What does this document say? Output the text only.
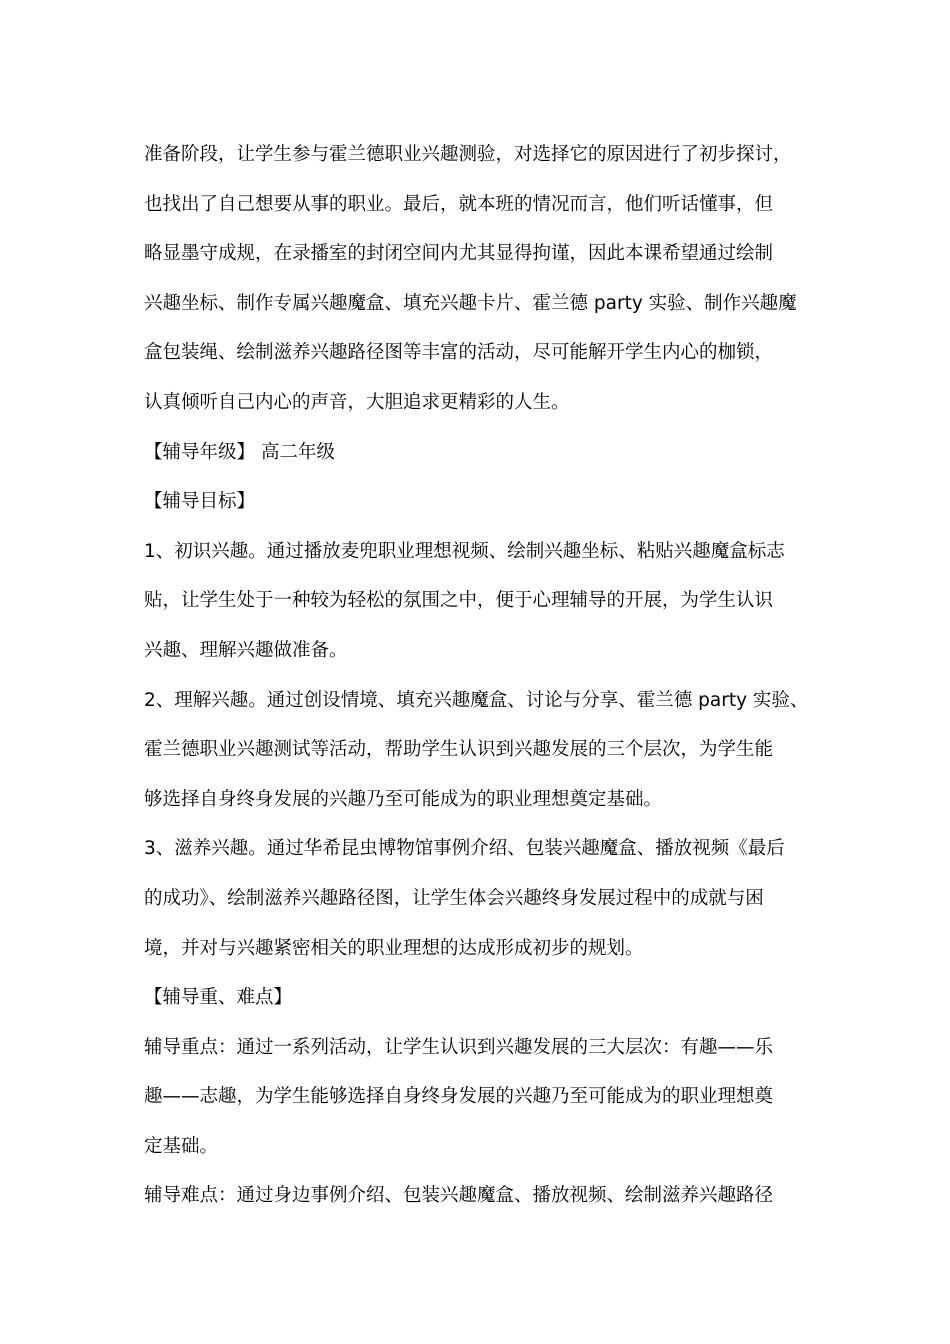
准备阶段，让学生参与霍兰德职业兴趣测验，对选择它的原因进行了初步探讨，
也找出了自己想要从事的职业。最后，就本班的情况而言，他们听话懂事，但
略显墨守成规，在录播室的封闭空间内尤其显得拘谨，因此本课希望通过绘制
兴趣坐标、制作专属兴趣魔盒、填充兴趣卡片、霍兰德 party 实验、制作兴趣魔
盒包装绳、绘制滋养兴趣路径图等丰富的活动，尽可能解开学生内心的枷锁，
认真倾听自己内心的声音，大胆追求更精彩的人生。
【辅导年级】 高二年级
【辅导目标】
1、初识兴趣。通过播放麦兜职业理想视频、绘制兴趣坐标、粘贴兴趣魔盒标志
贴，让学生处于一种较为轻松的氛围之中，便于心理辅导的开展，为学生认识
兴趣、理解兴趣做准备。
2、理解兴趣。通过创设情境、填充兴趣魔盒、讨论与分享、霍兰德 party 实验、
霍兰德职业兴趣测试等活动，帮助学生认识到兴趣发展的三个层次，为学生能
够选择自身终身发展的兴趣乃至可能成为的职业理想奠定基础。
3、滋养兴趣。通过华希昆虫博物馆事例介绍、包装兴趣魔盒、播放视频《最后
的成功》、绘制滋养兴趣路径图，让学生体会兴趣终身发展过程中的成就与困
境，并对与兴趣紧密相关的职业理想的达成形成初步的规划。
【辅导重、难点】
辅导重点：通过一系列活动，让学生认识到兴趣发展的三大层次：有趣——乐
趣——志趣，为学生能够选择自身终身发展的兴趣乃至可能成为的职业理想奠
定基础。
辅导难点：通过身边事例介绍、包装兴趣魔盒、播放视频、绘制滋养兴趣路径
